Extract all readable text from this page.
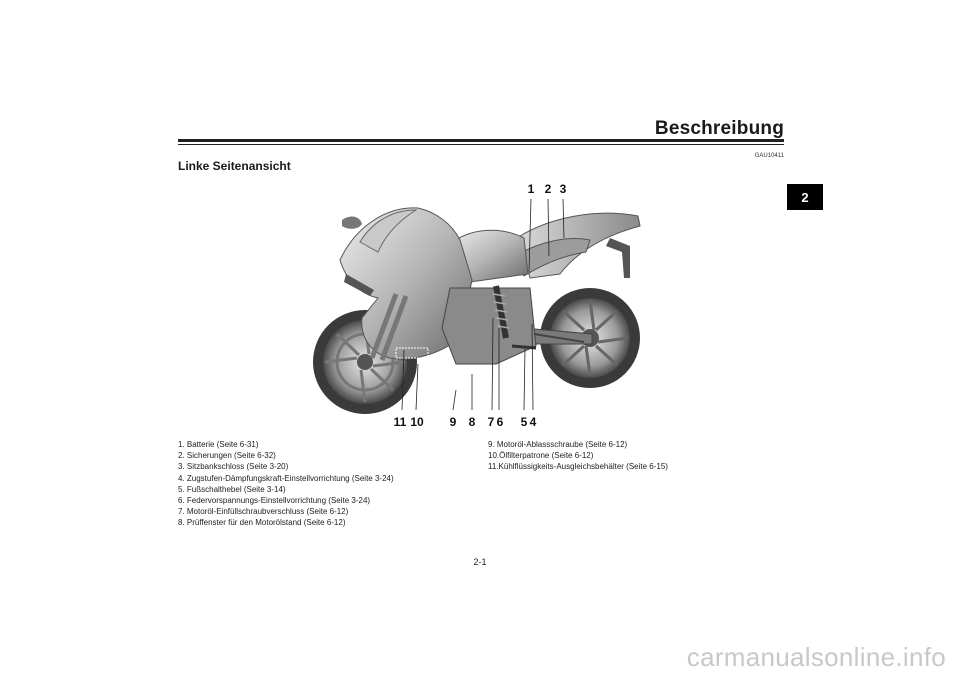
Beschreibung
GAU10411
Linke Seitenansicht
2
1 2 3
11 10 9 8 7 6 5 4
1. Batterie (Seite 6-31)
2. Sicherungen (Seite 6-32)
3. Sitzbankschloss (Seite 3-20)
4. Zugstufen-Dämpfungskraft-Einstellvorrichtung (Seite 3-24)
5. Fußschalthebel (Seite 3-14)
6. Federvorspannungs-Einstellvorrichtung (Seite 3-24)
7. Motoröl-Einfüllschraubverschluss (Seite 6-12)
8. Prüffenster für den Motorölstand (Seite 6-12)
9. Motoröl-Ablassschraube (Seite 6-12)
10.Ölfilterpatrone (Seite 6-12)
11.Kühlflüssigkeits-Ausgleichsbehälter (Seite 6-15)
2-1
carmanualsonline.info
